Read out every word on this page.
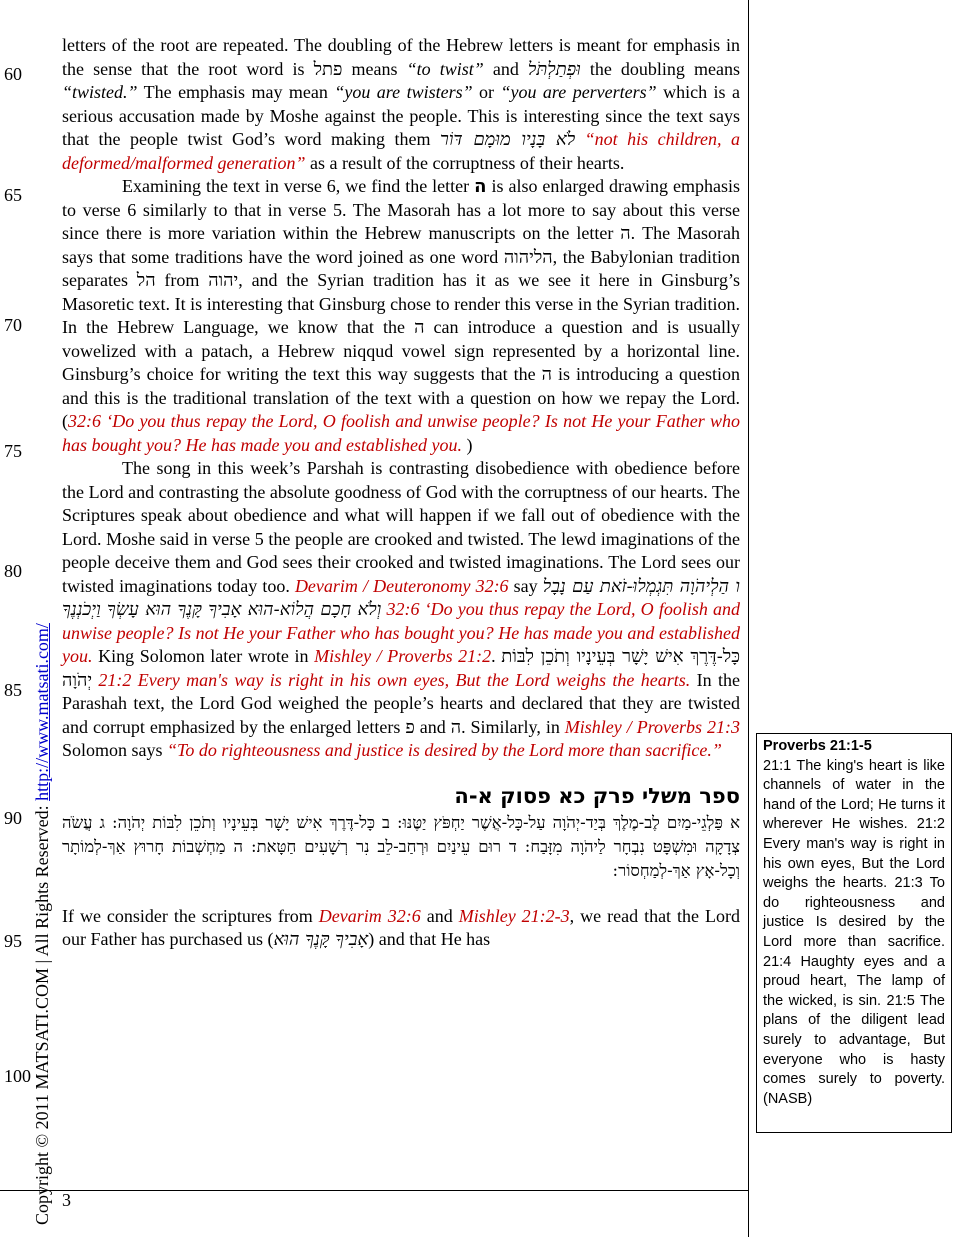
60
65
70
75
80
85
90
95
100 Copyright © 2011 MATSATI.COM | All Rights Reserved: http://www.matsati.com/

letters of the root are repeated. The doubling of the Hebrew letters is meant for emphasis in the sense that the root word is פתל means “to twist” and וּפְתַלְתֹּל the doubling means “twisted.” The emphasis may mean “you are twisters” or “you are perverters” which is a serious accusation made by Moshe against the people. This is interesting since the text says that the people twist God’s word making them לֹא בָּנָיו מוּמָם דּוֹר “not his children, a deformed/malformed generation” as a result of the corruptness of their hearts.

Examining the text in verse 6, we find the letter ה is also enlarged drawing emphasis to verse 6 similarly to that in verse 5. The Masorah has a lot more to say about this verse since there is more variation within the Hebrew manuscripts on the letter ה. The Masorah says that some traditions have the word joined as one word הליהוה, the Babylonian tradition separates הל from יהוה, and the Syrian tradition has it as we see it here in Ginsburg’s Masoretic text. It is interesting that Ginsburg chose to render this verse in the Syrian tradition. In the Hebrew Language, we know that the ה can introduce a question and is usually vowelized with a patach, a Hebrew niqqud vowel sign represented by a horizontal line. Ginsburg’s choice for writing the text this way suggests that the ה is introducing a question and this is the traditional translation of the text with a question on how we repay the Lord. (32:6 ‘Do you thus repay the Lord, O foolish and unwise people? Is not He your Father who has bought you? He has made you and established you. )

The song in this week’s Parshah is contrasting disobedience with obedience before the Lord and contrasting the absolute goodness of God with the corruptness of our hearts. The Scriptures speak about obedience and what will happen if we fall out of obedience with the Lord. Moshe said in verse 5 the people are crooked and twisted. The lewd imaginations of the people deceive them and God sees their crooked and twisted imaginations. The Lord sees our twisted imaginations today too. Devarim / Deuteronomy 32:6 say ו הַלְיהֹוָה תִּגְמְלוּ-זֹאת עַם נָבָל וְלֹא חָכָם הֲלוֹא-הוּא אָבִיךָ קָּנֶךָ הוּא עָשְׂךָ וַיְכֹנְנֶךָ 32:6 ‘Do you thus repay the Lord, O foolish and unwise people? Is not He your Father who has bought you? He has made you and established you. King Solomon later wrote in Mishley / Proverbs 21:2. כָּל-דֶּרֶךְ אִישׁ יָשָׁר בְּעֵינָיו וְתֹכֵן לִבּוֹת יְהֹוָה 21:2 Every man's way is right in his own eyes, But the Lord weighs the hearts. In the Parashah text, the Lord God weighed the people’s hearts and declared that they are twisted and corrupt emphasized by the enlarged letters פ and ה. Similarly, in Mishley / Proverbs 21:3 Solomon says “To do righteousness and justice is desired by the Lord more than sacrifice.”

ספר משלי פרק כא פסוק א-ה
א פַּלְגֵי-מַיִם לֶב-מֶלֶךְ בְּיַד-יְהֹוָה עַל-כָּל-אֲשֶׁר יַחְפֹּץ יַטֶּנּוּ: ב כָּל-דֶּרֶךְ אִישׁ יָשָׁר בְּעֵינָיו וְתֹכֵן לִבּוֹת יְהֹוָה: ג עֲשֹׂה צְדָקָה וּמִשְׁפָּט נִבְחָר לַיהֹוָה מִזָּבַח: ד רוּם עֵינַיִם וּרְחַב-לֵב נִר רְשָׁעִים חַטָּאת: ה מַחְשְׁבוֹת חָרוּץ אַךְ-לְמוֹתָר וְכָל-אָץ אַךְ-לְמַחְסוֹר:

If we consider the scriptures from Devarim 32:6 and Mishley 21:2-3, we read that the Lord our Father has purchased us (אָבִיךָ קָּנֶךָ הוּא) and that He has

3
Proverbs 21:1-5
21:1 The king's heart is like channels of water in the hand of the Lord; He turns it wherever He wishes. 21:2 Every man's way is right in his own eyes, But the Lord weighs the hearts. 21:3 To do righteousness and justice Is desired by the Lord more than sacrifice. 21:4 Haughty eyes and a proud heart, The lamp of the wicked, is sin. 21:5 The plans of the diligent lead surely to advantage, But everyone who is hasty comes surely to poverty. (NASB)
